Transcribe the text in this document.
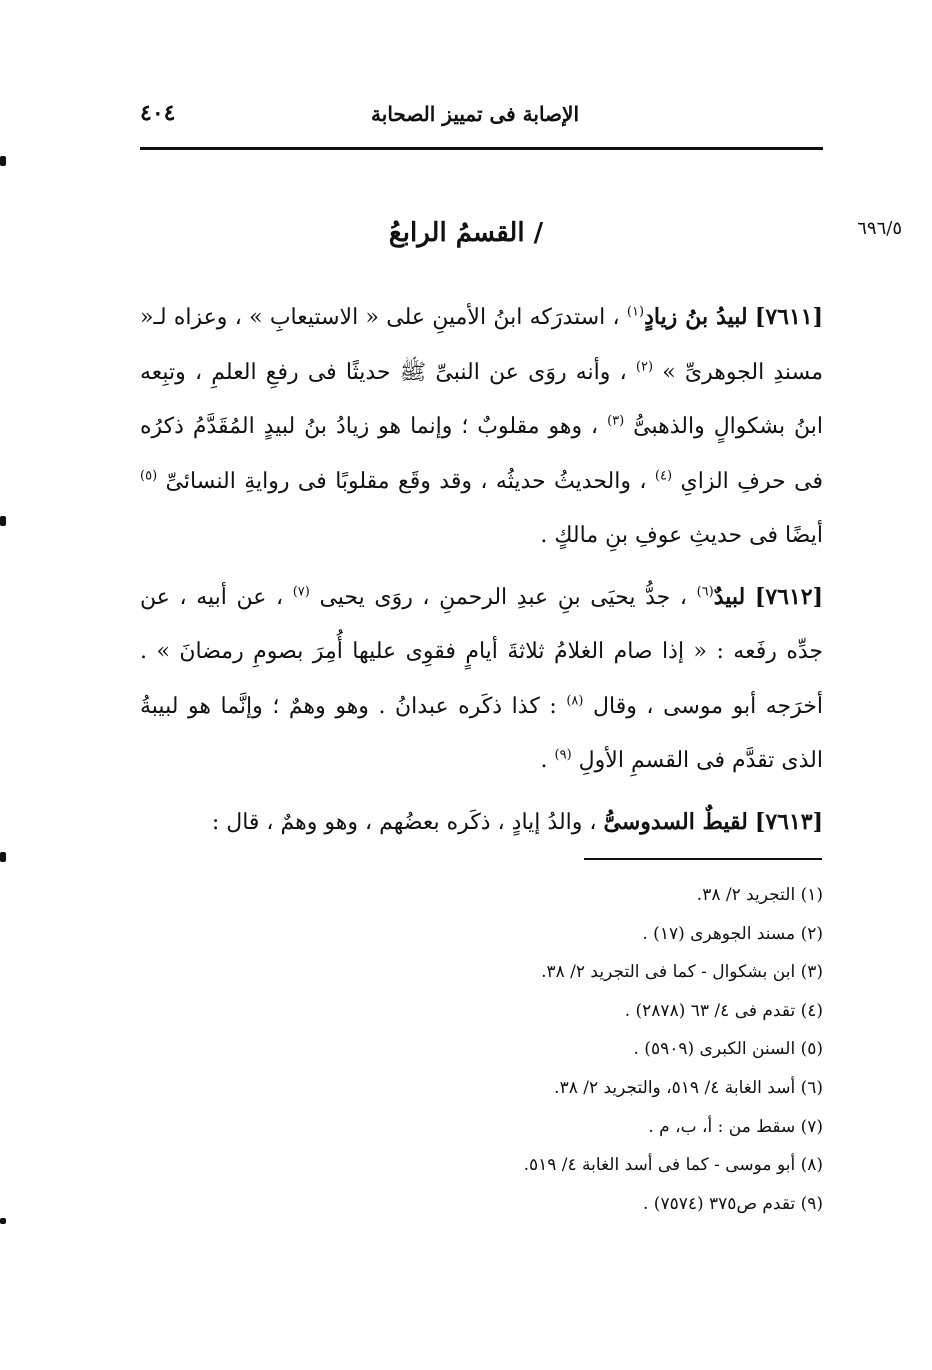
الإصابة فى تمييز الصحابة
٤٠٤
٦٩٦/٥
/ القسمُ الرابعُ

[٧٦١١] لبيدُ بنُ زيادٍ$^{(١)}$ ، استدرَكه ابنُ الأمينِ على « الاستيعابِ » ، وعزاه لـ« مسندِ الجوهرىِّ » $^{(٢)}$ ، وأنه روَى عن النبىِّ ﷺ حديثًا فى رفعِ العلمِ ، وتبِعه ابنُ بشكوالٍ والذهبىُّ $^{(٣)}$ ، وهو مقلوبٌ ؛ وإنما هو زيادُ بنُ لبيدٍ المُقَدَّمُ ذكرُه فى حرفِ الزاىِ $^{(٤)}$ ، والحديثُ حديثُه ، وقد وقَع مقلوبًا فى روايةِ النسائىِّ $^{(٥)}$ أيضًا فى حديثِ عوفِ بنِ مالكٍ .

[٧٦١٢] لبيدٌ$^{(٦)}$ ، جدُّ يحيَى بنِ عبدِ الرحمنِ ، روَى يحيى $^{(٧)}$ ، عن أبيه ، عن جدِّه رفَعه : « إذا صام الغلامُ ثلاثةَ أيامٍ فقوِى عليها أُمِرَ بصومِ رمضانَ » . أخرَجه أبو موسى ، وقال $^{(٨)}$ : كذا ذكَره عبدانُ . وهو وهمٌ ؛ وإنَّما هو لبيبةُ الذى تقدَّم فى القسمِ الأولِ $^{(٩)}$ .

[٧٦١٣] لقيطٌ السدوسىُّ ، والدُ إيادٍ ، ذكَره بعضُهم ، وهو وهمٌ ، قال :

(١) التجريد ٢/ ٣٨.
(٢) مسند الجوهرى (١٧) .
(٣) ابن بشكوال - كما فى التجريد ٢/ ٣٨.
(٤) تقدم فى ٤/ ٦٣ (٢٨٧٨) .
(٥) السنن الكبرى (٥٩٠٩) .
(٦) أسد الغابة ٤/ ٥١٩، والتجريد ٢/ ٣٨.
(٧) سقط من : أ، ب، م .
(٨) أبو موسى - كما فى أسد الغابة ٤/ ٥١٩.
(٩) تقدم ص٣٧٥ (٧٥٧٤) .
